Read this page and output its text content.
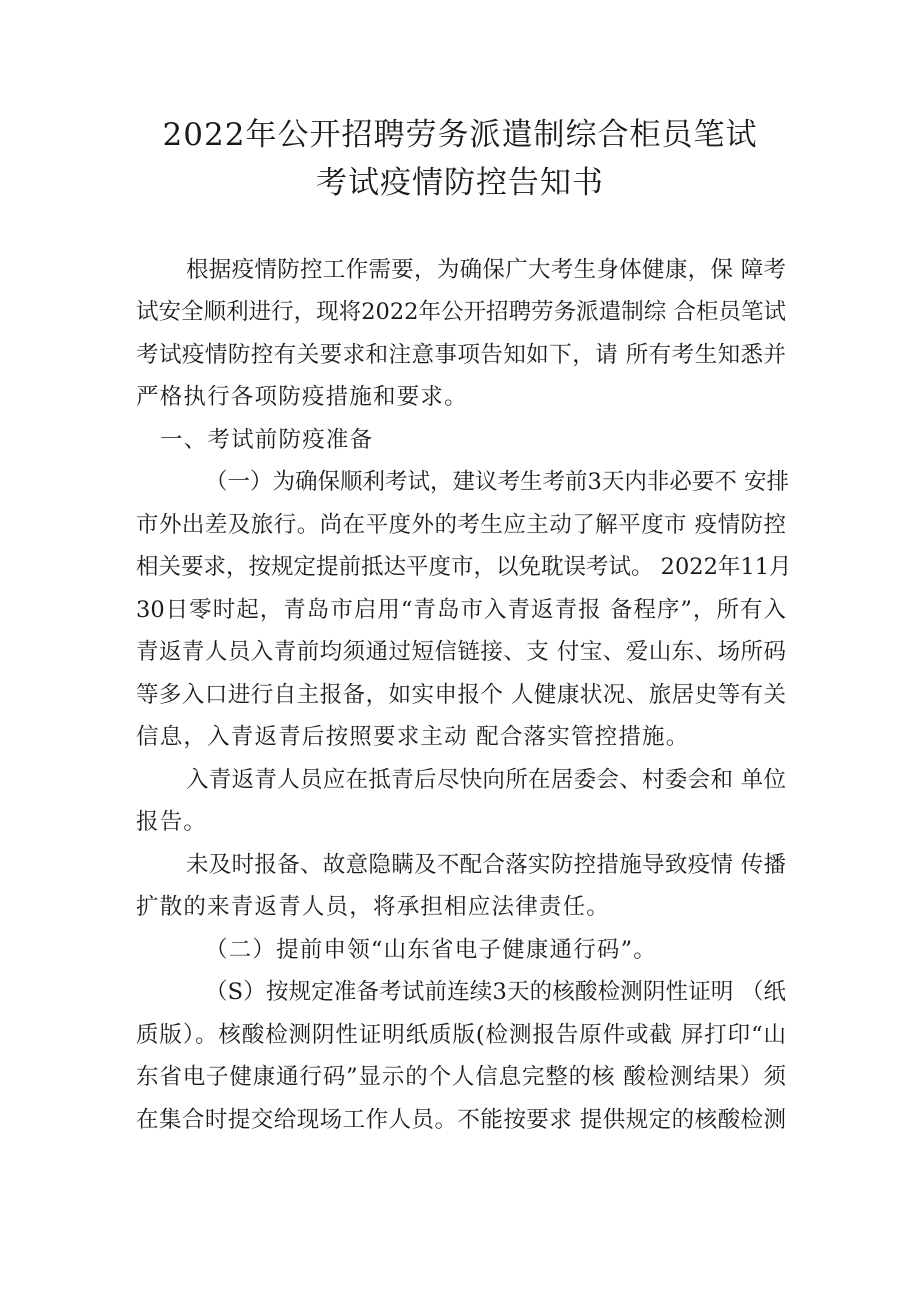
2022年公开招聘劳务派遣制综合柜员笔试
考试疫情防控告知书
根据疫情防控工作需要，为确保广大考生身体健康，保 障考
试安全顺利进行，现将2022年公开招聘劳务派遣制综 合柜员笔试
考试疫情防控有关要求和注意事项告知如下，请 所有考生知悉并
严格执行各项防疫措施和要求。
一、考试前防疫准备
（一）为确保顺利考试，建议考生考前3天内非必要不 安排
市外出差及旅行。尚在平度外的考生应主动了解平度市 疫情防控
相关要求，按规定提前抵达平度市，以免耽误考试。 2022年11月
30日零时起，青岛市启用“青岛市入青返青报 备程序”，所有入
青返青人员入青前均须通过短信链接、支 付宝、爱山东、场所码
等多入口进行自主报备，如实申报个 人健康状况、旅居史等有关
信息，入青返青后按照要求主动 配合落实管控措施。
入青返青人员应在抵青后尽快向所在居委会、村委会和 单位
报告。
未及时报备、故意隐瞒及不配合落实防控措施导致疫情 传播
扩散的来青返青人员，将承担相应法律责任。
（二）提前申领“山东省电子健康通行码”。
（S）按规定准备考试前连续3天的核酸检测阴性证明 （纸
质版）。核酸检测阴性证明纸质版(检测报告原件或截 屏打印“山
东省电子健康通行码”显示的个人信息完整的核 酸检测结果）须
在集合时提交给现场工作人员。不能按要求 提供规定的核酸检测
